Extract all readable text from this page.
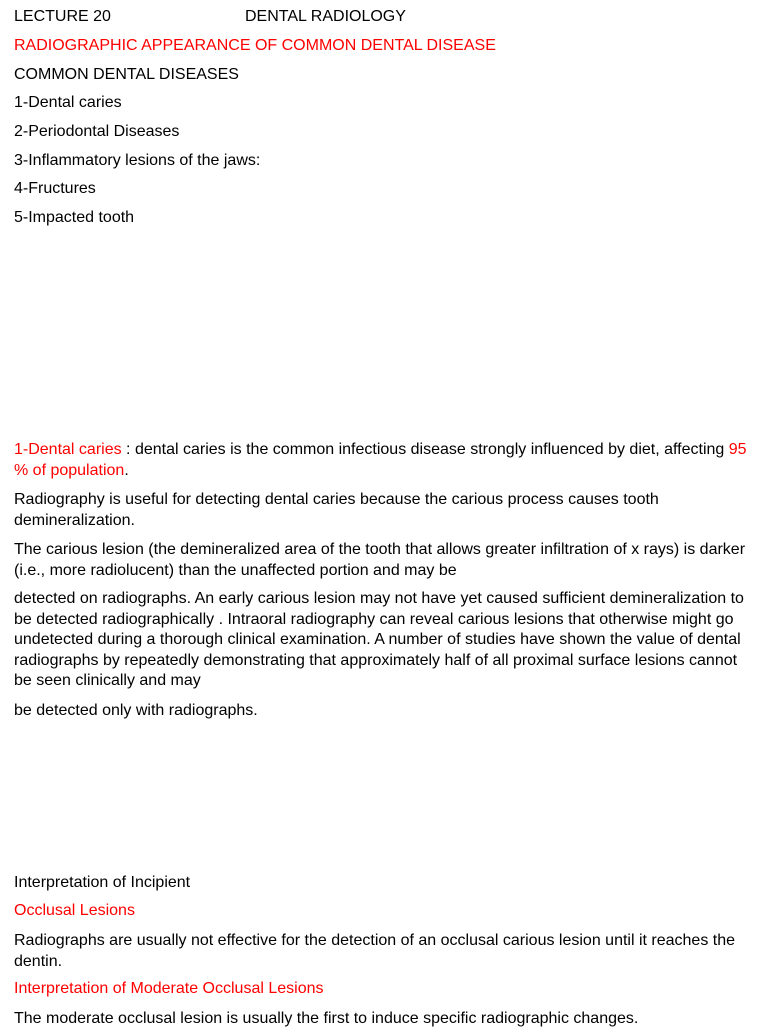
LECTURE 20	DENTAL RADIOLOGY
RADIOGRAPHIC APPEARANCE OF COMMON DENTAL DISEASE
COMMON DENTAL DISEASES
1-Dental caries
2-Periodontal Diseases
3-Inflammatory lesions of the jaws:
4-Fructures
5-Impacted tooth
1-Dental caries : dental caries is the common infectious disease strongly influenced by diet, affecting 95 % of population.
Radiography is useful for detecting dental caries because the carious process causes tooth demineralization.
The carious lesion (the demineralized area of the tooth that allows greater infiltration of x rays) is darker (i.e., more radiolucent) than the unaffected portion and may be
detected on radiographs. An early carious lesion may not have yet caused sufficient demineralization to be detected radiographically . Intraoral radiography can reveal carious lesions that otherwise might go undetected during a thorough clinical examination. A number of studies have shown the value of dental radiographs by repeatedly demonstrating that approximately half of all proximal surface lesions cannot be seen clinically and may
be detected only with radiographs.
Interpretation of Incipient
Occlusal Lesions
Radiographs are usually not effective for the detection of an occlusal carious lesion until it reaches the dentin.
Interpretation of Moderate Occlusal Lesions
The moderate occlusal lesion is usually the first to induce specific radiographic changes.
